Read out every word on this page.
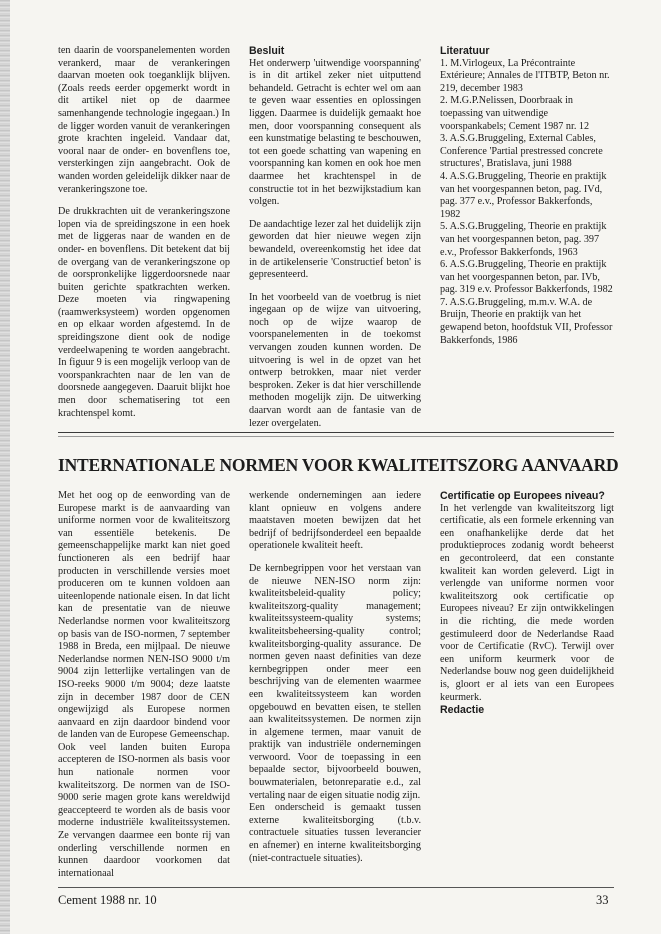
ten daarin de voorspanelementen worden verankerd, maar de verankeringen daarvan moeten ook toeganklijk blijven. (Zoals reeds eerder opgemerkt wordt in dit artikel niet op de daarmee samenhangende technologie ingegaan.) In de ligger worden vanuit de verankeringen grote krachten ingeleid. Vandaar dat, vooral naar de onder- en bovenflens toe, versterkingen zijn aangebracht. Ook de wanden worden geleidelijk dikker naar de verankeringszone toe.

De drukkrachten uit de verankeringszone lopen via de spreidingszone in een hoek met de liggeras naar de wanden en de onder- en bovenflens. Dit betekent dat bij de overgang van de verankeringszone op de oorspronkelijke liggerdoorsnede naar buiten gerichte spatkrachten werken. Deze moeten via ringwapening (raamwerksysteem) worden opgenomen en op elkaar worden afgestemd. In de spreidingszone dient ook de nodige verdeelwapening te worden aangebracht. In figuur 9 is een mogelijk verloop van de voorspankrachten naar de len van de doorsnede aangegeven. Daaruit blijkt hoe men door schematisering tot een krachtenspel komt.

Besluit

Het onderwerp 'uitwendige voorspanning' is in dit artikel zeker niet uitputtend behandeld. Getracht is echter wel om aan te geven waar essenties en oplossingen liggen. Daarmee is duidelijk gemaakt hoe men, door voorspanning consequent als een kunstmatige belasting te beschouwen, tot een goede schatting van wapening en voorspanning kan komen en ook hoe men daarmee het krachtenspel in de constructie tot in het bezwijkstadium kan volgen.

De aandachtige lezer zal het duidelijk zijn geworden dat hier nieuwe wegen zijn bewandeld, overeenkomstig het idee dat in de artikelenserie 'Constructief beton' is gepresenteerd.

In het voorbeeld van de voetbrug is niet ingegaan op de wijze van uitvoering, noch op de wijze waarop de voorspanelementen in de toekomst vervangen zouden kunnen worden. De uitvoering is wel in de opzet van het ontwerp betrokken, maar niet verder besproken. Zeker is dat hier verschillende methoden mogelijk zijn. De uitwerking daarvan wordt aan de fantasie van de lezer overgelaten.

Literatuur
1. M.Virlogeux, La Précontrainte Extérieure; Annales de l'ITBTP, Beton nr. 219, december 1983
2. M.G.P.Nelissen, Doorbraak in toepassing van uitwendige voorspankabels; Cement 1987 nr. 12
3. A.S.G.Bruggeling, External Cables, Conference 'Partial prestressed concrete structures', Bratislava, juni 1988
4. A.S.G.Bruggeling, Theorie en praktijk van het voorgespannen beton, pag. IVd, pag. 377 e.v., Professor Bakkerfonds, 1982
5. A.S.G.Bruggeling, Theorie en praktijk van het voorgespannen beton, pag. 397 e.v., Professor Bakkerfonds, 1963
6. A.S.G.Bruggeling, Theorie en praktijk van het voorgespannen beton, par. IVb, pag. 319 e.v. Professor Bakkerfonds, 1982
7. A.S.G.Bruggeling, m.m.v. W.A. de Bruijn, Theorie en praktijk van het gewapend beton, hoofdstuk VII, Professor Bakkerfonds, 1986
INTERNATIONALE NORMEN VOOR KWALITEITSZORG AANVAARD

Met het oog op de eenwording van de Europese markt is de aanvaarding van uniforme normen voor de kwaliteitszorg van essentiële betekenis. De gemeenschappelijke markt kan niet goed functioneren als een bedrijf haar producten in verschillende versies moet produceren om te kunnen voldoen aan uiteenlopende nationale eisen. In dat licht kan de presentatie van de nieuwe Nederlandse normen voor kwaliteitszorg op basis van de ISO-normen, 7 september 1988 in Breda, een mijlpaal. De nieuwe Nederlandse normen NEN-ISO 9000 t/m 9004 zijn letterlijke vertalingen van de ISO-reeks 9000 t/m 9004; deze laatste zijn in december 1987 door de CEN ongewijzigd als Europese normen aanvaard en zijn daardoor bindend voor de landen van de Europese Gemeenschap.

Ook veel landen buiten Europa accepteren de ISO-normen als basis voor hun nationale normen voor kwaliteitszorg. De normen van de ISO-9000 serie magen grote kans wereldwijd geaccepteerd te worden als de basis voor moderne industriële kwaliteitssystemen. Ze vervangen daarmee een bonte rij van onderling verschillende normen en kunnen daardoor voorkomen dat internationaal

werkende ondernemingen aan iedere klant opnieuw en volgens andere maatstaven moeten bewijzen dat het bedrijf of bedrijfsonderdeel een bepaalde operationele kwaliteit heeft.

De kernbegrippen voor het verstaan van de nieuwe NEN-ISO norm zijn: kwaliteitsbeleid-quality policy; kwaliteitszorg-quality management; kwaliteitssysteem-quality systems; kwaliteitsbeheersing-quality control; kwaliteitsborging-quality assurance. De normen geven naast definities van deze kernbegrippen onder meer een beschrijving van de elementen waarmee een kwaliteitssysteem kan worden opgebouwd en bevatten eisen, te stellen aan kwaliteitssystemen. De normen zijn in algemene termen, maar vanuit de praktijk van industriële ondernemingen verwoord. Voor de toepassing in een bepaalde sector, bijvoorbeeld bouwen, bouwmaterialen, betonreparatie e.d., zal vertaling naar de eigen situatie nodig zijn.

Een onderscheid is gemaakt tussen externe kwaliteitsborging (t.b.v. contractuele situaties tussen leverancier en afnemer) en interne kwaliteitsborging (niet-contractuele situaties).

Certificatie op Europees niveau?

In het verlengde van kwaliteitszorg ligt certificatie, als een formele erkenning van een onafhankelijke derde dat het produktieproces zodanig wordt beheerst en gecontroleerd, dat een constante kwaliteit kan worden geleverd. Ligt in verlengde van uniforme normen voor kwaliteitszorg ook certificatie op Europees niveau? Er zijn ontwikkelingen in die richting, die mede worden gestimuleerd door de Nederlandse Raad voor de Certificatie (RvC). Terwijl over een uniform keurmerk voor de Nederlandse bouw nog geen duidelijkheid is, gloort er al iets van een Europees keurmerk.

Redactie
Cement 1988 nr. 10	33
